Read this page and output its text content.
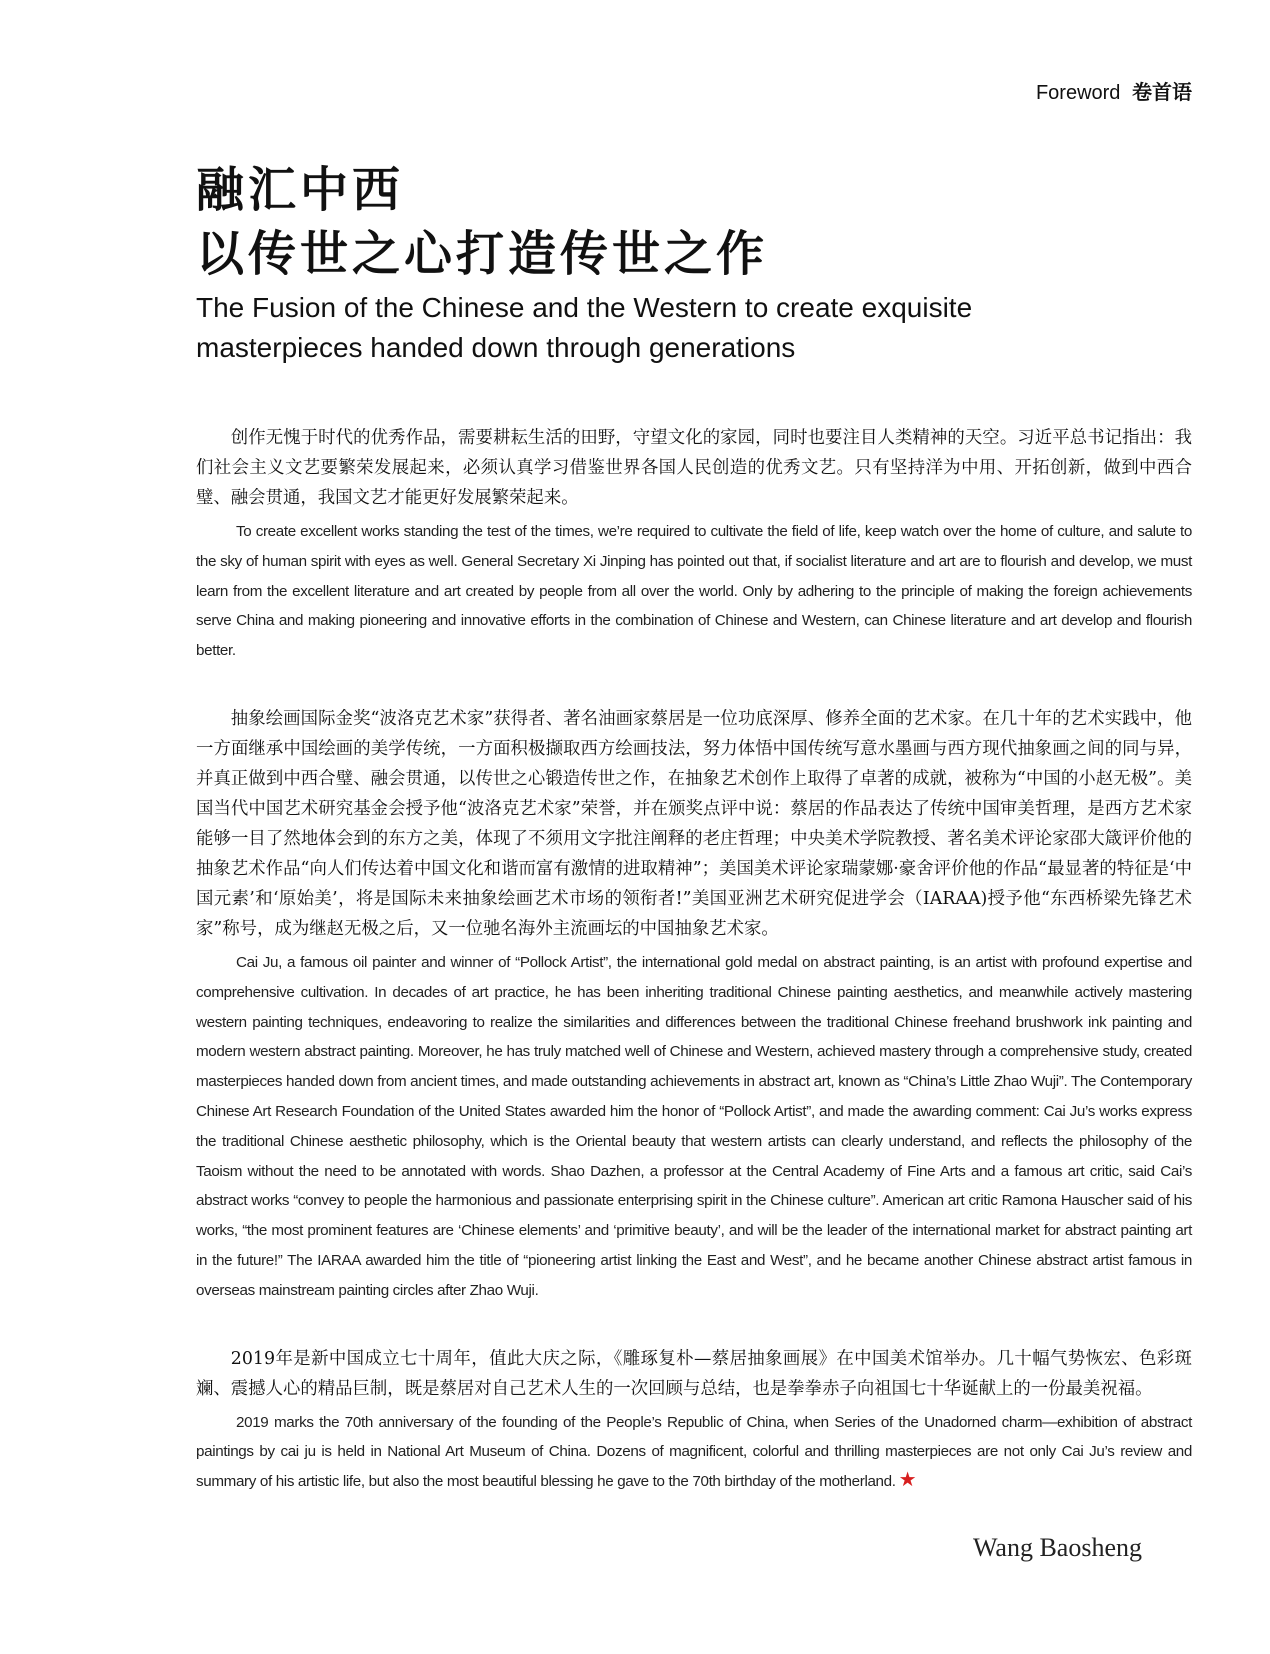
Foreword 卷首语
融汇中西
以传世之心打造传世之作
The Fusion of the Chinese and the Western to create exquisite
masterpieces handed down through generations

创作无愧于时代的优秀作品，需要耕耘生活的田野，守望文化的家园，同时也要注目人类精神的天空。习近平总书记指出：我们社会主义文艺要繁荣发展起来，必须认真学习借鉴世界各国人民创造的优秀文艺。只有坚持洋为中用、开拓创新，做到中西合璧、融会贯通，我国文艺才能更好发展繁荣起来。

To create excellent works standing the test of the times, we’re required to cultivate the field of life, keep watch over the home of culture, and salute to the sky of human spirit with eyes as well. General Secretary Xi Jinping has pointed out that, if socialist literature and art are to flourish and develop, we must learn from the excellent literature and art created by people from all over the world. Only by adhering to the principle of making the foreign achievements serve China and making pioneering and innovative efforts in the combination of Chinese and Western, can Chinese literature and art develop and flourish better.

抽象绘画国际金奖“波洛克艺术家”获得者、著名油画家蔡居是一位功底深厚、修养全面的艺术家。在几十年的艺术实践中，他一方面继承中国绘画的美学传统，一方面积极撷取西方绘画技法，努力体悟中国传统写意水墨画与西方现代抽象画之间的同与异，并真正做到中西合璧、融会贯通，以传世之心锻造传世之作，在抽象艺术创作上取得了卓著的成就，被称为“中国的小赵无极”。美国当代中国艺术研究基金会授予他“波洛克艺术家”荣誉，并在颁奖点评中说：蔡居的作品表达了传统中国审美哲理，是西方艺术家能够一目了然地体会到的东方之美，体现了不须用文字批注阐释的老庄哲理；中央美术学院教授、著名美术评论家邵大箴评价他的抽象艺术作品“向人们传达着中国文化和谐而富有激情的进取精神”；美国美术评论家瑞蒙娜·豪舍评价他的作品“最显著的特征是‘中国元素’和‘原始美’，将是国际未来抽象绘画艺术市场的领衔者!”美国亚洲艺术研究促进学会（IARAA)授予他“东西桥梁先锋艺术家”称号，成为继赵无极之后，又一位驰名海外主流画坛的中国抽象艺术家。

Cai Ju, a famous oil painter and winner of “Pollock Artist”, the international gold medal on abstract painting, is an artist with profound expertise and comprehensive cultivation. In decades of art practice, he has been inheriting traditional Chinese painting aesthetics, and meanwhile actively mastering western painting techniques, endeavoring to realize the similarities and differences between the traditional Chinese freehand brushwork ink painting and modern western abstract painting. Moreover, he has truly matched well of Chinese and Western, achieved mastery through a comprehensive study, created masterpieces handed down from ancient times, and made outstanding achievements in abstract art, known as “China’s Little Zhao Wuji”. The Contemporary Chinese Art Research Foundation of the United States awarded him the honor of “Pollock Artist”, and made the awarding comment: Cai Ju’s works express the traditional Chinese aesthetic philosophy, which is the Oriental beauty that western artists can clearly understand, and reflects the philosophy of the Taoism without the need to be annotated with words. Shao Dazhen, a professor at the Central Academy of Fine Arts and a famous art critic, said Cai’s abstract works “convey to people the harmonious and passionate enterprising spirit in the Chinese culture”. American art critic Ramona Hauscher said of his works, “the most prominent features are ‘Chinese elements’ and ‘primitive beauty’, and will be the leader of the international market for abstract painting art in the future!” The IARAA awarded him the title of “pioneering artist linking the East and West”, and he became another Chinese abstract artist famous in overseas mainstream painting circles after Zhao Wuji.

2019年是新中国成立七十周年，值此大庆之际，《雕琢复朴—蔡居抽象画展》在中国美术馆举办。几十幅气势恢宏、色彩斑斓、震撼人心的精品巨制，既是蔡居对自己艺术人生的一次回顾与总结，也是拳拳赤子向祖国七十华诞献上的一份最美祝福。

2019 marks the 70th anniversary of the founding of the People’s Republic of China, when Series of the Unadorned charm—exhibition of abstract paintings by cai ju is held in National Art Museum of China. Dozens of magnificent, colorful and thrilling masterpieces are not only Cai Ju’s review and summary of his artistic life, but also the most beautiful blessing he gave to the 70th birthday of the motherland. ★

Wang Baosheng
